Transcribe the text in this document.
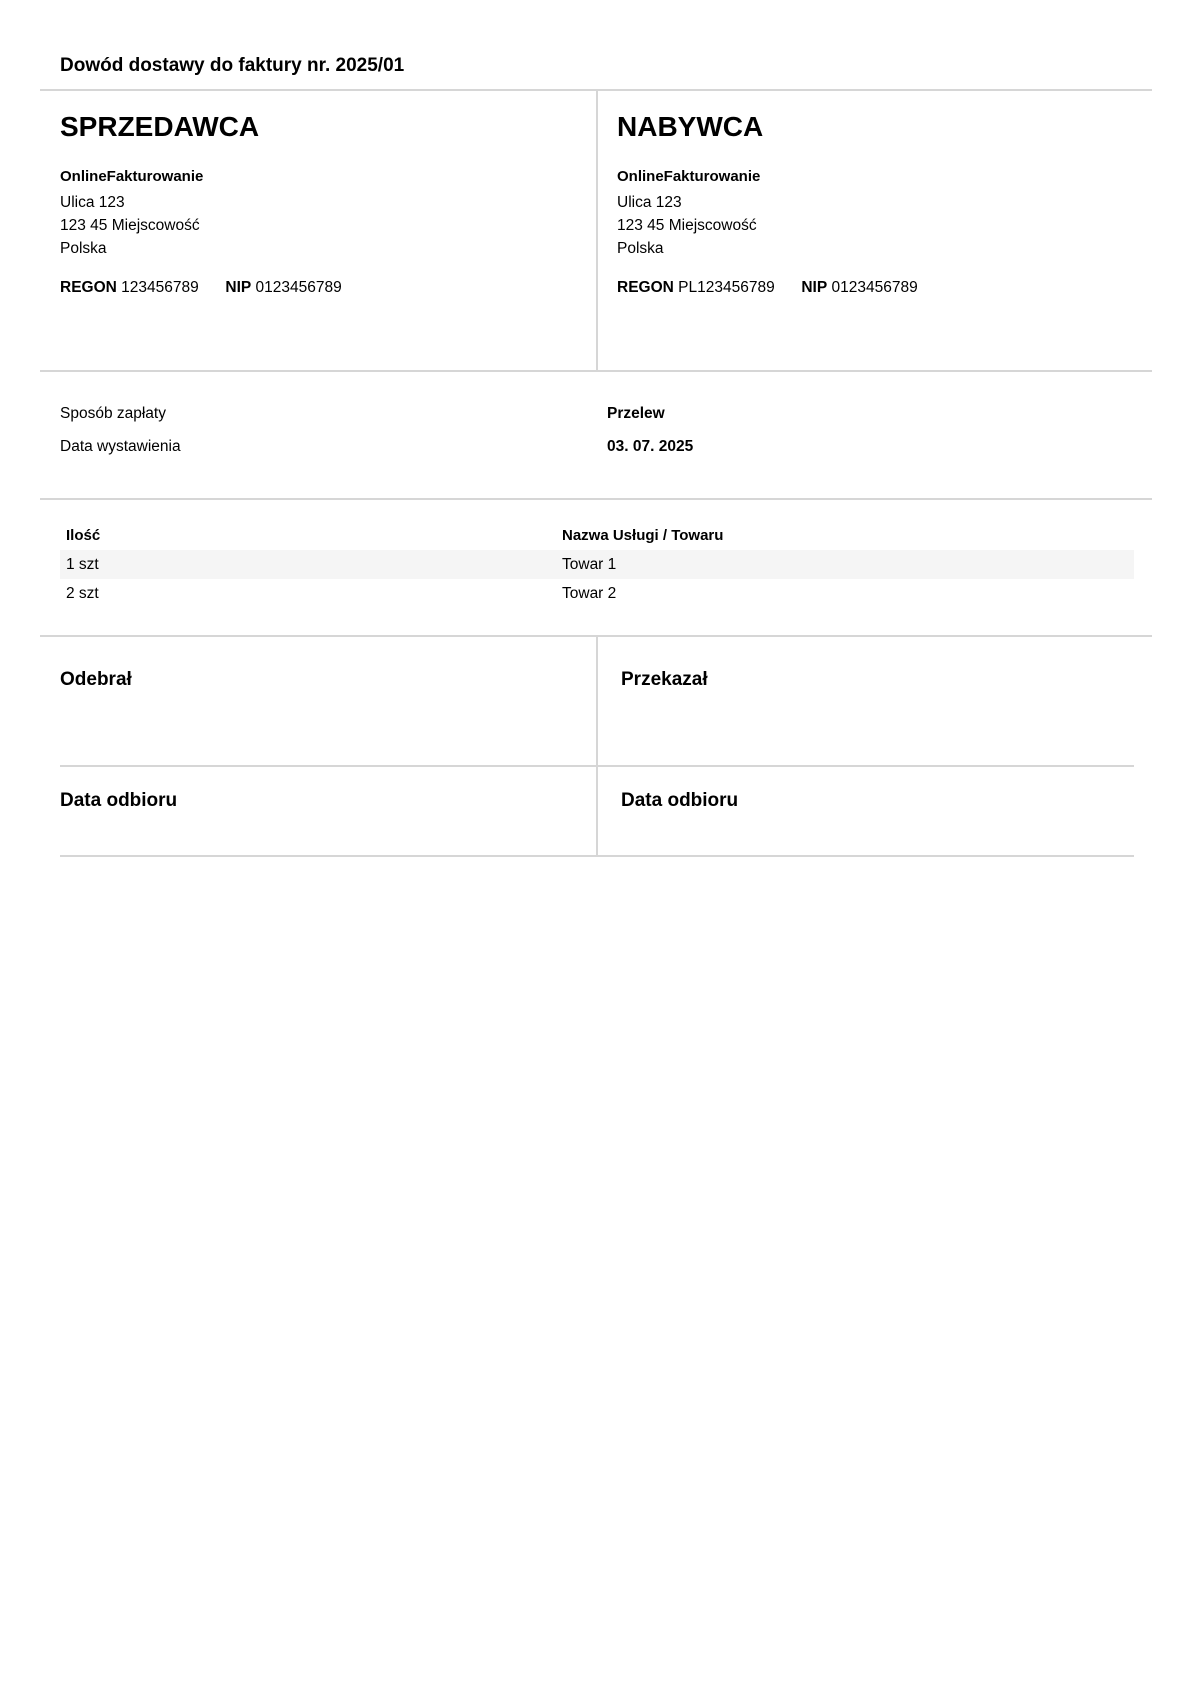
Dowód dostawy do faktury nr. 2025/01
SPRZEDAWCA
OnlineFakturowanie
Ulica 123
123 45 Miejscowość
Polska
REGON 123456789 NIP 0123456789
NABYWCA
OnlineFakturowanie
Ulica 123
123 45 Miejscowość
Polska
REGON PL123456789 NIP 0123456789
Sposób zapłaty	Przelew
Data wystawienia	03. 07. 2025
Ilość	Nazwa Usługi / Towaru
1 szt	Towar 1
2 szt	Towar 2
Odebrał	Przekazał
Data odbioru	Data odbioru
